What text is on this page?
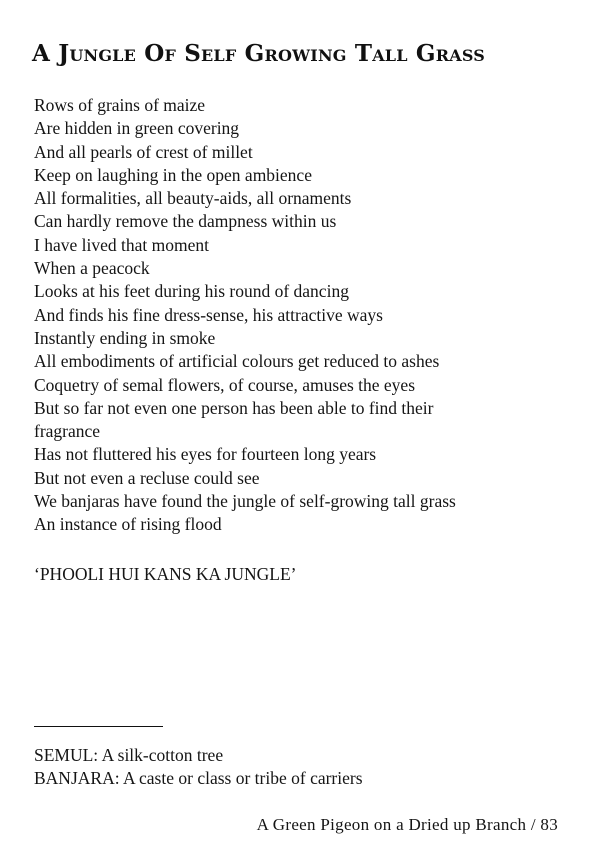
A Jungle Of Self Growing Tall Grass
Rows of grains of maize
Are hidden in green covering
And all pearls of crest of millet
Keep on laughing in the open ambience
All formalities, all beauty-aids, all ornaments
Can hardly remove the dampness within us
I have lived that moment
When a peacock
Looks at his feet during his round of dancing
And finds his fine dress-sense, his attractive ways
Instantly ending in smoke
All embodiments of artificial colours get reduced to ashes
Coquetry of semal flowers, of course, amuses the eyes
But so far not even one person has been able to find their
fragrance
Has not fluttered his eyes for fourteen long years
But not even a recluse could see
We banjaras have found the jungle of self-growing tall grass
An instance of rising flood
‘PHOOLI HUI KANS KA JUNGLE’
SEMUL: A silk-cotton tree
BANJARA: A caste or class or tribe of carriers
A Green Pigeon on a Dried up Branch / 83
